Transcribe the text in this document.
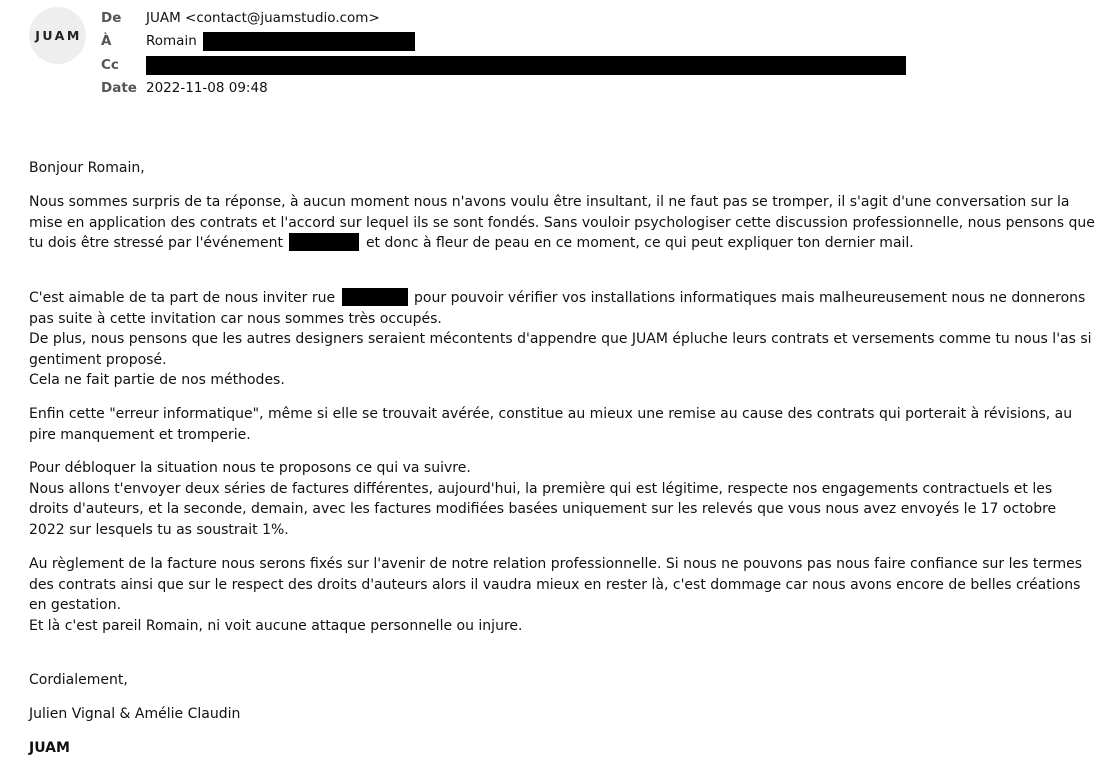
JUAM
De JUAM <contact@juamstudio.com>
À	Romain
Cc
Date 2022-11-08 09:48
Bonjour Romain,
Nous sommes surpris de ta réponse, à aucun moment nous n'avons voulu être insultant, il ne faut pas se tromper, il s'agit d'une conversation sur la
mise en application des contrats et l'accord sur lequel ils se sont fondés. Sans vouloir psychologiser cette discussion professionnelle, nous pensons que
tu dois être stressé par l'événement	et donc à fleur de peau en ce moment, ce qui peut expliquer ton dernier mail.
C'est aimable de ta part de nous inviter rue	pour pouvoir vérifier vos installations informatiques mais malheureusement nous ne donnerons
pas suite à cette invitation car nous sommes très occupés.
De plus, nous pensons que les autres designers seraient mécontents d'appendre que JUAM épluche leurs contrats et versements comme tu nous l'as si
gentiment proposé.
Cela ne fait partie de nos méthodes.
Enfin cette "erreur informatique", même si elle se trouvait avérée, constitue au mieux une remise au cause des contrats qui porterait à révisions, au
pire manquement et tromperie.
Pour débloquer la situation nous te proposons ce qui va suivre.
Nous allons t'envoyer deux séries de factures différentes, aujourd'hui, la première qui est légitime, respecte nos engagements contractuels et les
droits d'auteurs, et la seconde, demain, avec les factures modifiées basées uniquement sur les relevés que vous nous avez envoyés le 17 octobre
2022 sur lesquels tu as soustrait 1%.
Au règlement de la facture nous serons fixés sur l'avenir de notre relation professionnelle. Si nous ne pouvons pas nous faire confiance sur les termes
des contrats ainsi que sur le respect des droits d'auteurs alors il vaudra mieux en rester là, c'est dommage car nous avons encore de belles créations
en gestation.
Et là c'est pareil Romain, ni voit aucune attaque personnelle ou injure.
Cordialement,
Julien Vignal & Amélie Claudin
JUAM
